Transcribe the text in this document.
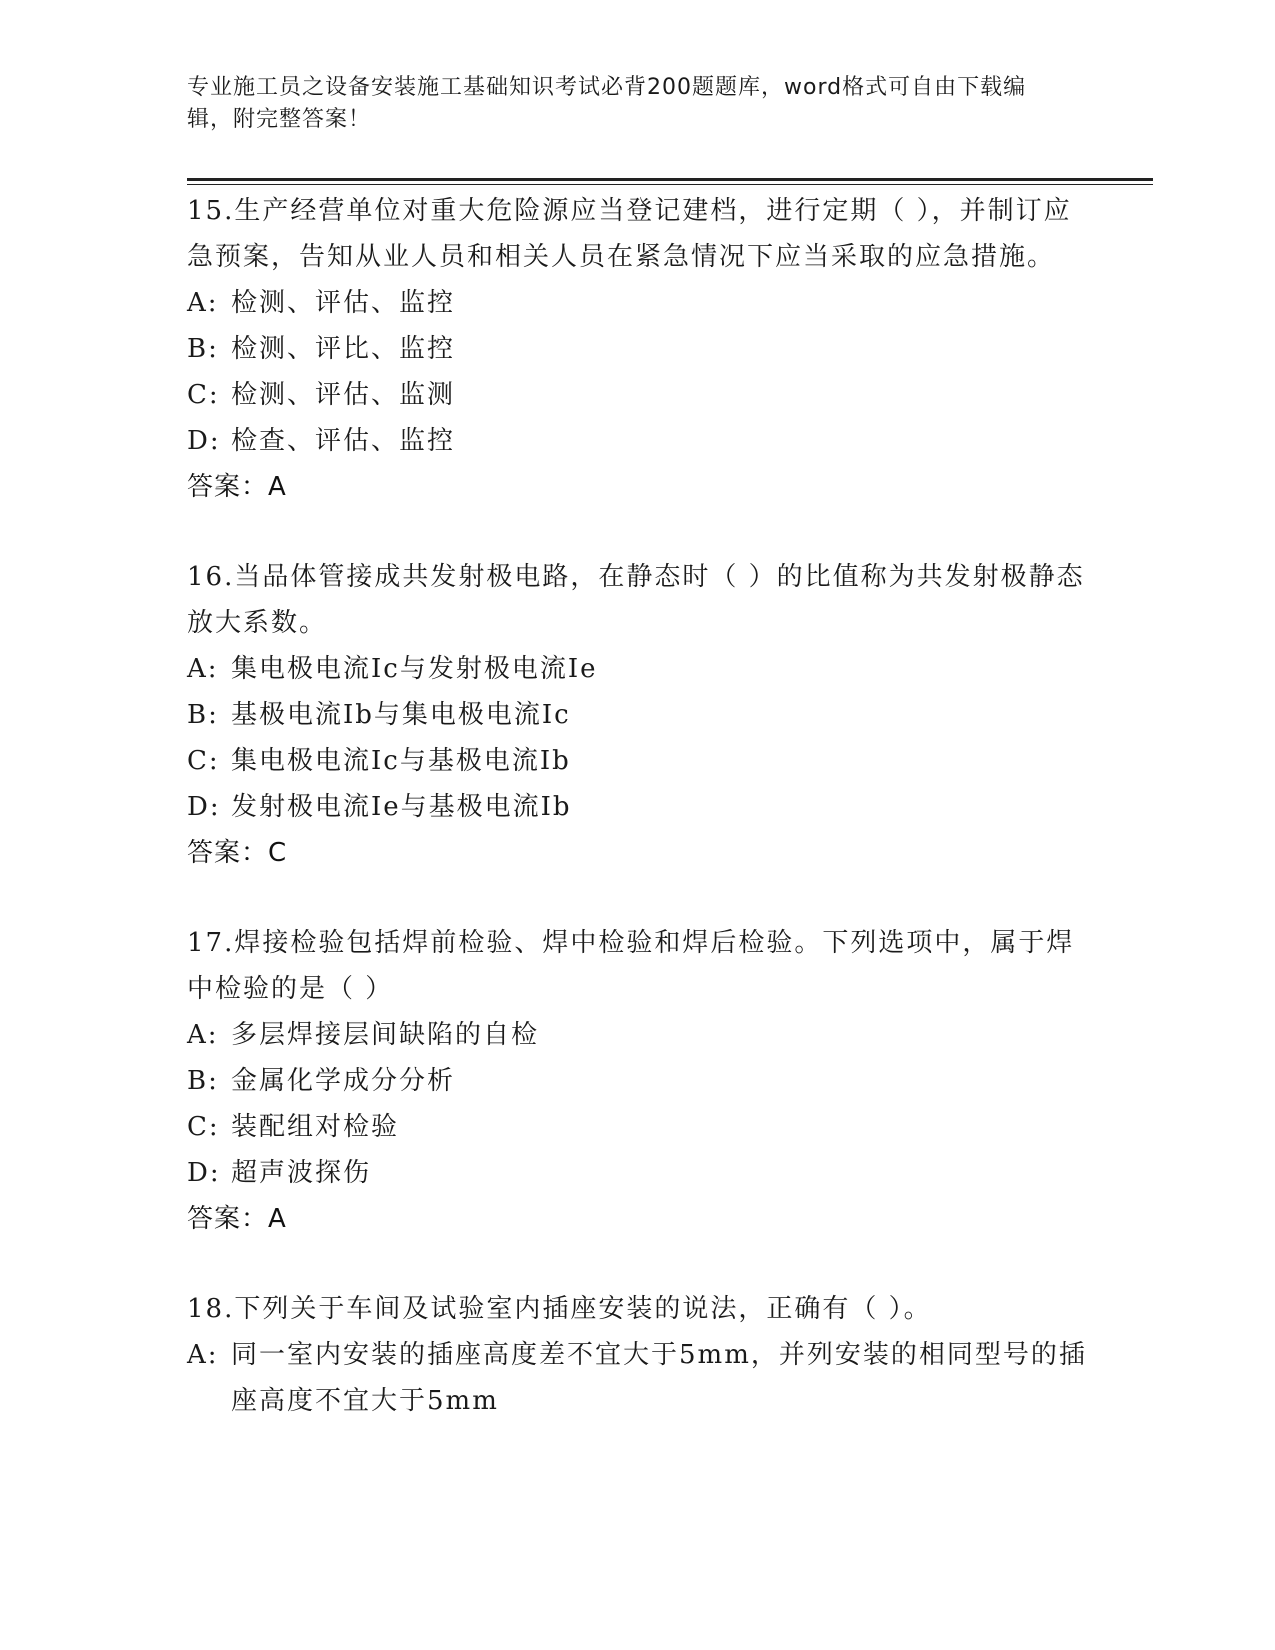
专业施工员之设备安装施工基础知识考试必背200题题库，word格式可自由下载编辑，附完整答案！

15.生产经营单位对重大危险源应当登记建档，进行定期（ ），并制订应急预案，告知从业人员和相关人员在紧急情况下应当采取的应急措施。

A: 检测、评估、监控

B: 检测、评比、监控

C: 检测、评估、监测

D: 检查、评估、监控

答案：A

16.当品体管接成共发射极电路，在静态时（ ）的比值称为共发射极静态放大系数。

A: 集电极电流Ic与发射极电流Ie

B: 基极电流Ib与集电极电流Ic

C: 集电极电流Ic与基极电流Ib

D: 发射极电流Ie与基极电流Ib

答案：C

17.焊接检验包括焊前检验、焊中检验和焊后检验。下列选项中，属于焊中检验的是（ ）

A: 多层焊接层间缺陷的自检

B: 金属化学成分分析

C: 装配组对检验

D: 超声波探伤

答案：A

18.下列关于车间及试验室内插座安装的说法，正确有（ ）。

A: 同一室内安装的插座高度差不宜大于5mm，并列安装的相同型号的插座高度不宜大于5mm
